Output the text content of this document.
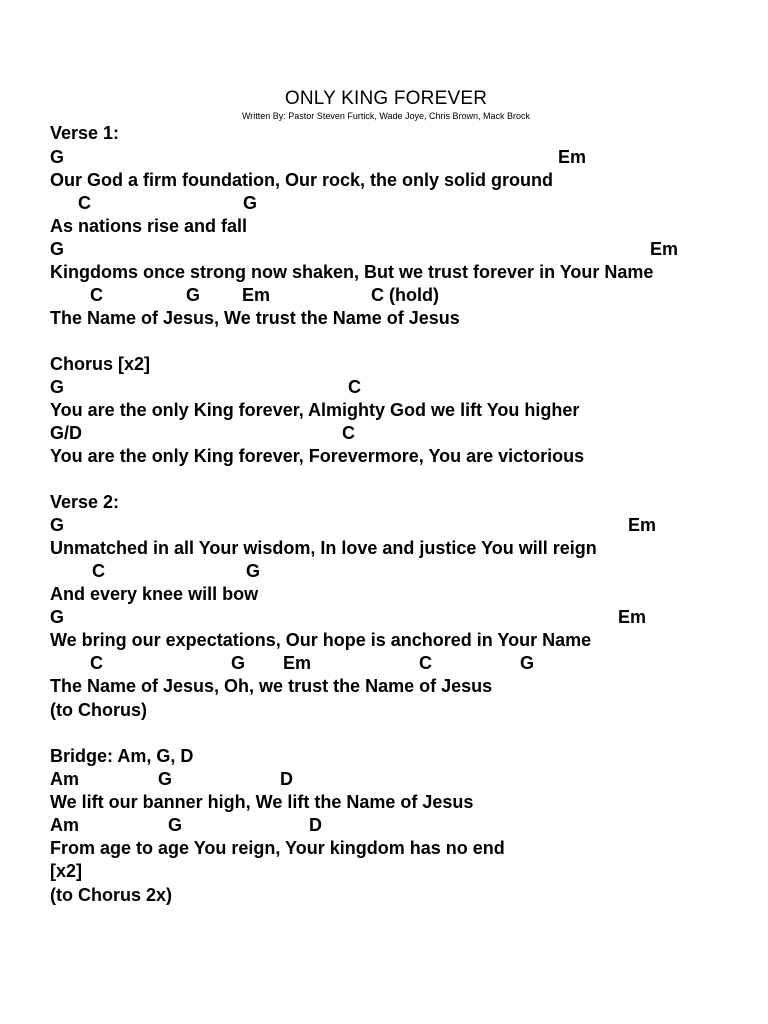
ONLY KING FOREVER
Written By: Pastor Steven Furtick, Wade Joye, Chris Brown, Mack Brock
Verse 1:

G

	Em

Our God a firm foundation, Our rock, the only solid ground

C

	G

As nations rise and fall

G

	Em

Kingdoms once strong now shaken, But we trust forever in Your Name

C

	G

Em

	C (hold)

The Name of Jesus, We trust the Name of Jesus
Chorus [x2]

G

	C

You are the only King forever, Almighty God we lift You higher

G/D

	C

You are the only King forever, Forevermore, You are victorious
Verse 2:

G

	Em

Unmatched in all Your wisdom, In love and justice You will reign

C

	G

And every knee will bow

G

	Em

We bring our expectations, Our hope is anchored in Your Name

C

	G

Em

	C

	G

The Name of Jesus, Oh, we trust the Name of Jesus
(to Chorus)
Bridge: Am, G, D

Am

	G

	D

We lift our banner high, We lift the Name of Jesus

Am

	G

	D

From age to age You reign, Your kingdom has no end
[x2]
(to Chorus 2x)
